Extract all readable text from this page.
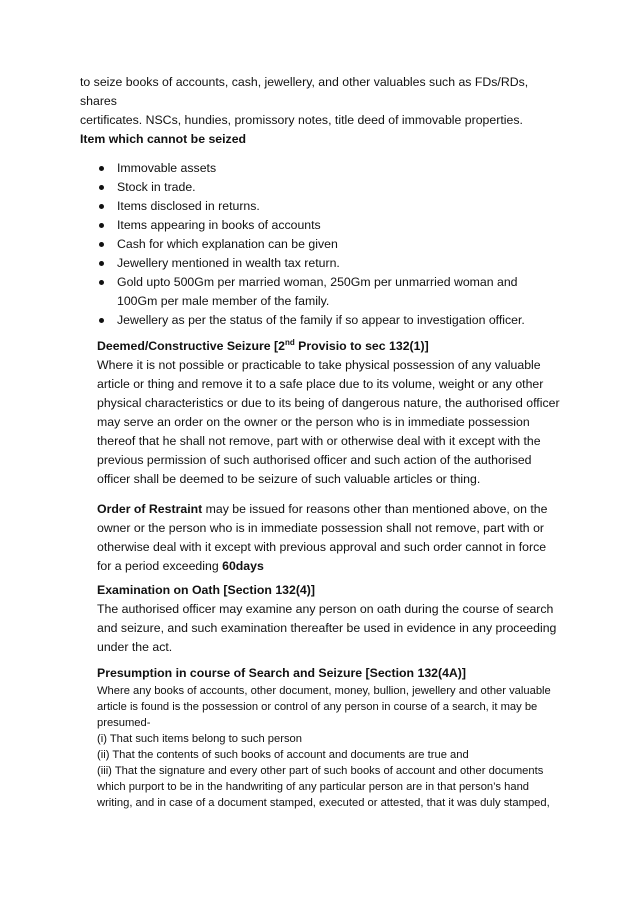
to seize books of accounts, cash, jewellery, and other valuables such as FDs/RDs, shares

certificates. NSCs, hundies, promissory notes, title deed of immovable properties.

Item which cannot be seized
Immovable assets
Stock in trade.
Items disclosed in returns.
Items appearing in books of accounts
Cash for which explanation can be given
Jewellery mentioned in wealth tax return.
Gold upto 500Gm per married woman, 250Gm per unmarried woman and 100Gm per male member of the family.
Jewellery as per the status of the family if so appear to investigation officer.

Deemed/Constructive Seizure [2nd Provisio to sec 132(1)]

Where it is not possible or practicable to take physical possession of any valuable article or thing and remove it to a safe place due to its volume, weight or any other physical characteristics or due to its being of dangerous nature, the authorised officer may serve an order on the owner or the person who is in immediate possession thereof that he shall not remove, part with or otherwise deal with it except with the previous permission of such authorised officer and such action of the authorised officer shall be deemed to be seizure of such valuable articles or thing.

Order of Restraint may be issued for reasons other than mentioned above, on the owner or the person who is in immediate possession shall not remove, part with or otherwise deal with it except with previous approval and such order cannot in force for a period exceeding 60days

Examination on Oath [Section 132(4)]

The authorised officer may examine any person on oath during the course of search and seizure, and such examination thereafter be used in evidence in any proceeding under the act.

Presumption in course of Search and Seizure [Section 132(4A)]

Where any books of accounts, other document, money, bullion, jewellery and other valuable article is found is the possession or control of any person in course of a search, it may be presumed-

(i) That such items belong to such person

(ii) That the contents of such books of account and documents are true and

(iii) That the signature and every other part of such books of account and other documents which purport to be in the handwriting of any particular person are in that person’s hand writing, and in case of a document stamped, executed or attested, that it was duly stamped,
